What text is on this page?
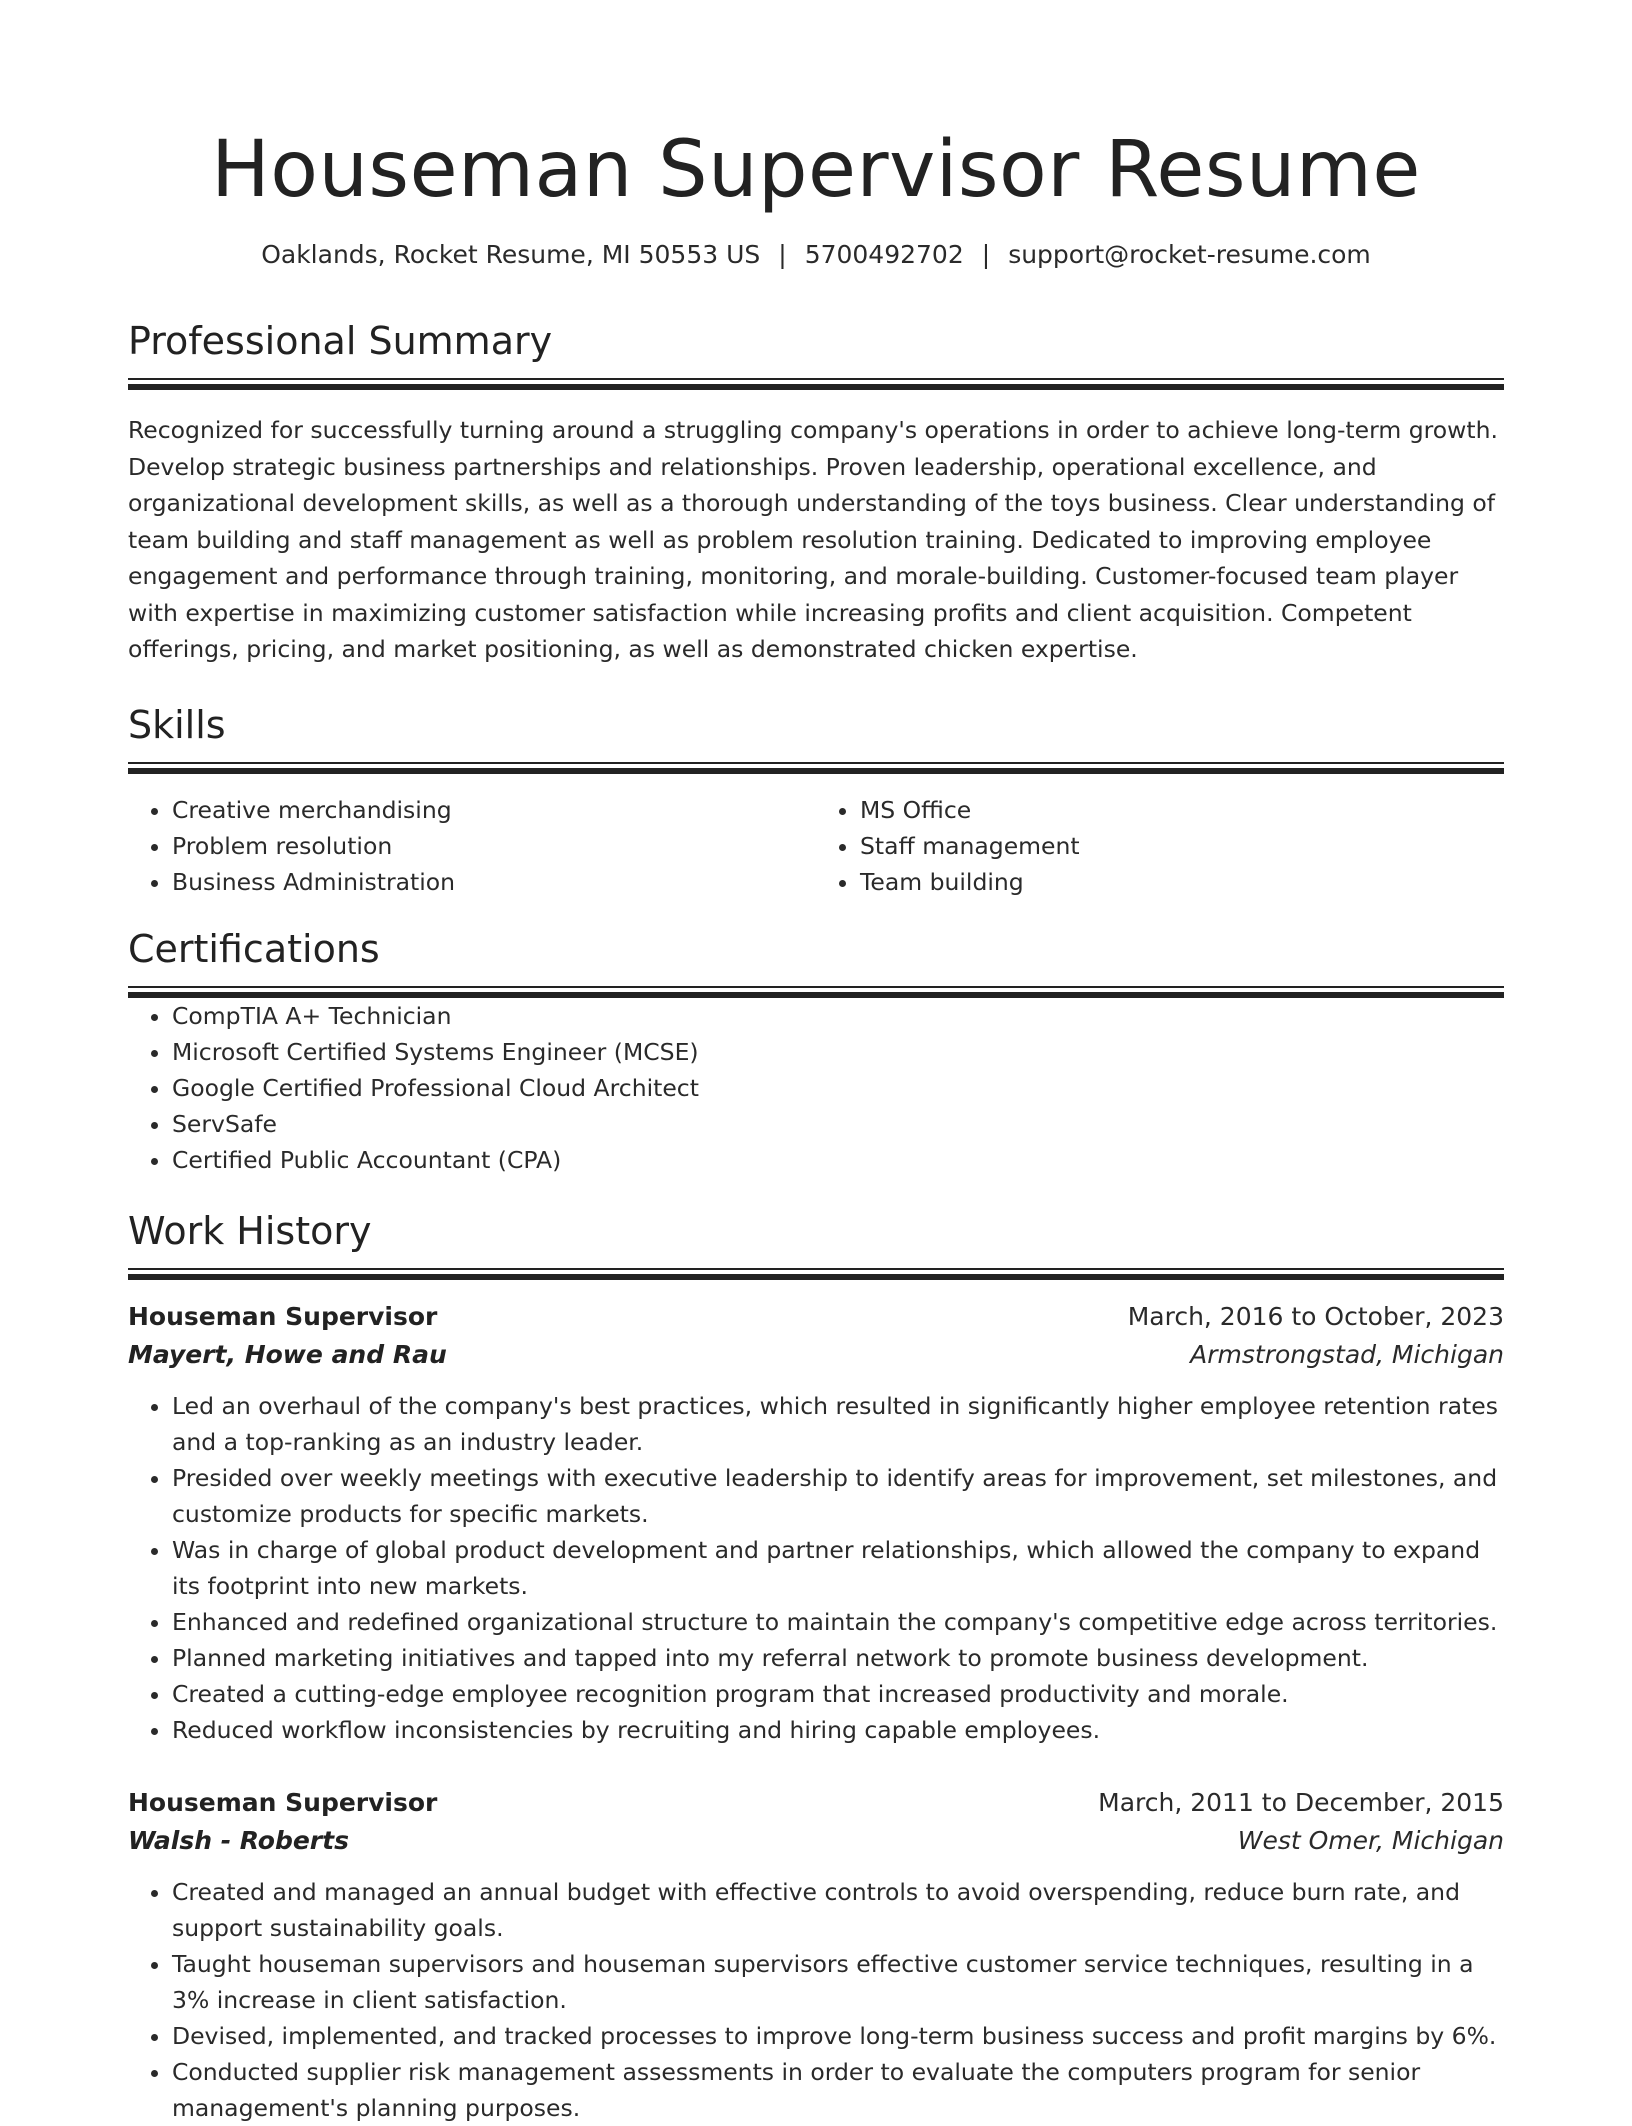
Houseman Supervisor Resume
Oaklands, Rocket Resume, MI 50553 US | 5700492702 | support@rocket-resume.com
Professional Summary

Recognized for successfully turning around a struggling company's operations in order to achieve long-term growth. Develop strategic business partnerships and relationships. Proven leadership, operational excellence, and organizational development skills, as well as a thorough understanding of the toys business. Clear understanding of team building and staff management as well as problem resolution training. Dedicated to improving employee engagement and performance through training, monitoring, and morale-building. Customer-focused team player with expertise in maximizing customer satisfaction while increasing profits and client acquisition. Competent offerings, pricing, and market positioning, as well as demonstrated chicken expertise.

Skills
• Creative merchandising
• Problem resolution
• Business Administration
• MS Office
• Staff management
• Team building
Certifications
• CompTIA A+ Technician
• Microsoft Certified Systems Engineer (MCSE)
• Google Certified Professional Cloud Architect
• ServSafe
• Certified Public Accountant (CPA)
Work History
Houseman Supervisor	March, 2016 to October, 2023
Mayert, Howe and Rau	Armstrongstad, Michigan
• Led an overhaul of the company's best practices, which resulted in significantly higher employee retention rates and a top-ranking as an industry leader.
• Presided over weekly meetings with executive leadership to identify areas for improvement, set milestones, and customize products for specific markets.
• Was in charge of global product development and partner relationships, which allowed the company to expand its footprint into new markets.
• Enhanced and redefined organizational structure to maintain the company's competitive edge across territories.
• Planned marketing initiatives and tapped into my referral network to promote business development.
• Created a cutting-edge employee recognition program that increased productivity and morale.
• Reduced workflow inconsistencies by recruiting and hiring capable employees.
Houseman Supervisor	March, 2011 to December, 2015
Walsh - Roberts	West Omer, Michigan
• Created and managed an annual budget with effective controls to avoid overspending, reduce burn rate, and support sustainability goals.
• Taught houseman supervisors and houseman supervisors effective customer service techniques, resulting in a 3% increase in client satisfaction.
• Devised, implemented, and tracked processes to improve long-term business success and profit margins by 6%.
• Conducted supplier risk management assessments in order to evaluate the computers program for senior management's planning purposes.
